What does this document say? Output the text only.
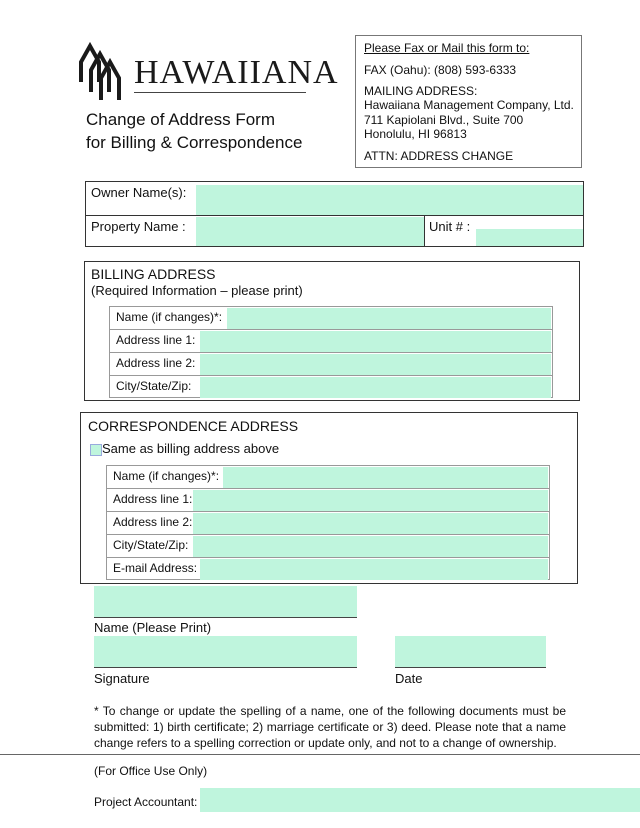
HAWAIIANA
Change of Address Form
for Billing & Correspondence
Please Fax or Mail this form to:
FAX (Oahu): (808) 593-6333
MAILING ADDRESS:
Hawaiiana Management Company, Ltd.
711 Kapiolani Blvd., Suite 700
Honolulu, HI 96813
ATTN: ADDRESS CHANGE
Owner Name(s):
Property Name :	Unit # :
BILLING ADDRESS
(Required Information – please print)
Name (if changes)*:
Address line 1:
Address line 2:
City/State/Zip:
CORRESPONDENCE ADDRESS
Same as billing address above
Name (if changes)*:
Address line 1:
Address line 2:
City/State/Zip:
E-mail Address:
Name (Please Print)
Signature	Date
* To change or update the spelling of a name, one of the following documents must be submitted: 1) birth certificate; 2) marriage certificate or 3) deed. Please note that a name change refers to a spelling correction or update only, and not to a change of ownership.
(For Office Use Only)
Project Accountant:
